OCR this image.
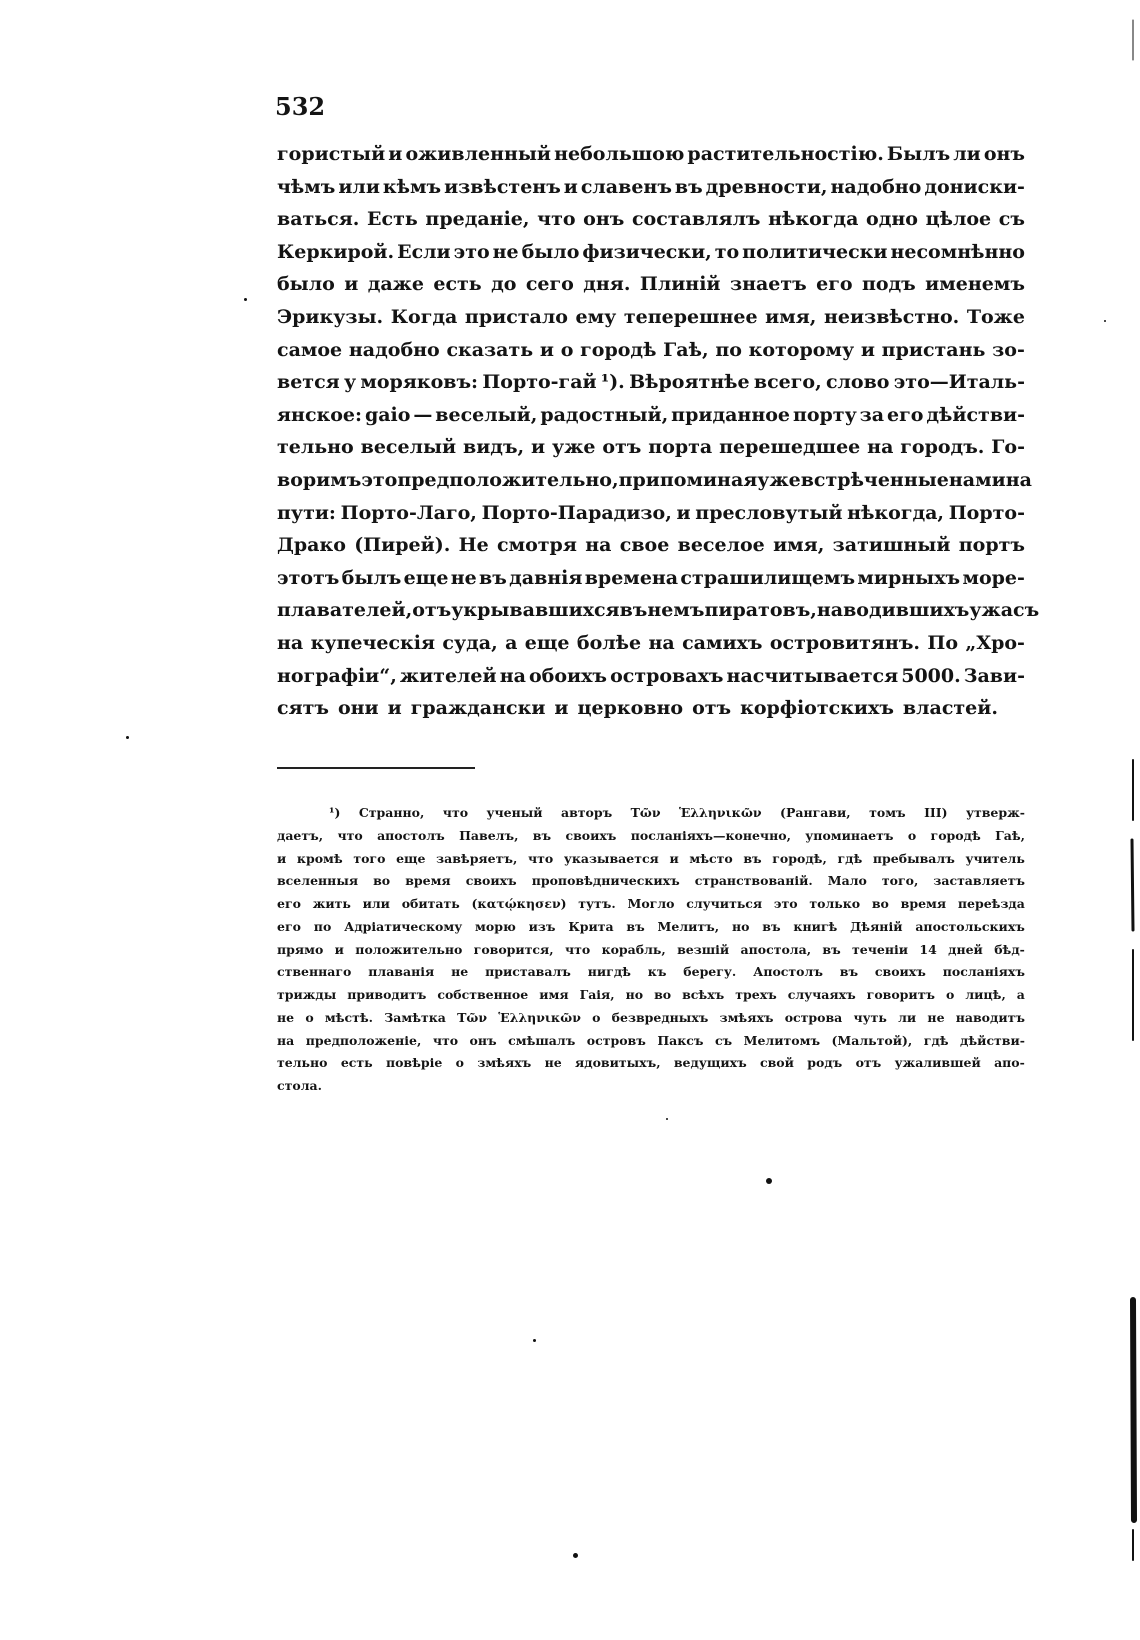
532
гористый и оживленный небольшою растительностію. Былъ ли онъ
чѣмъ или кѣмъ извѣстенъ и славенъ въ древности, надобно дониски-
ваться. Есть преданіе, что онъ составлялъ нѣкогда одно цѣлое съ
Керкирой. Если это не было физически, то политически несомнѣнно
было и даже есть до сего дня. Плиній знаетъ его подъ именемъ
Эрикузы. Когда пристало ему теперешнее имя, неизвѣстно. Тоже
самое надобно сказать и о городѣ Гаѣ, по которому и пристань зо-
вется у моряковъ: Порто-гай ¹). Вѣроятнѣе всего, слово это—Италь-
янское: gaio — веселый, радостный, приданное порту за его дѣйстви-
тельно веселый видъ, и уже отъ порта перешедшее на городъ. Го-
воримъ это предположительно, припоминая уже встрѣченные нами на
пути: Порто-Лаго, Порто-Парадизо, и пресловутый нѣкогда, Порто-
Драко (Пирей). Не смотря на свое веселое имя, затишный портъ
этотъ былъ еще не въ давнія времена страшилищемъ мирныхъ море-
плавателей, отъ укрывавшихся въ немъ пиратовъ, наводившихъ ужасъ
на купеческія суда, а еще болѣе на самихъ островитянъ. По „Хро-
нографіи“, жителей на обоихъ островахъ насчитывается 5000. Зави-
сятъ они и граждански и церковно отъ корфіотскихъ властей.
¹) Странно, что ученый авторъ Τῶν Ἑλληνικῶν (Рангави, томъ III) утверж-
даетъ, что апостолъ Павелъ, въ своихъ посланіяхъ—конечно, упоминаетъ о городѣ Гаѣ,
и кромѣ того еще завѣряетъ, что указывается и мѣсто въ городѣ, гдѣ пребывалъ учитель
вселенныя во время своихъ проповѣдническихъ странствованій. Мало того, заставляетъ
его жить или обитать (κατῴκησεν) тутъ. Могло случиться это только во время переѣзда
его по Адріатическому морю изъ Крита въ Мелитъ, но въ книгѣ Дѣяній апостольскихъ
прямо и положительно говорится, что корабль, везшій апостола, въ теченіи 14 дней бѣд-
ственнаго плаванія не приставалъ нигдѣ къ берегу. Апостолъ въ своихъ посланіяхъ
трижды приводитъ собственное имя Гаія, но во всѣхъ трехъ случаяхъ говоритъ о лицѣ, а
не о мѣстѣ. Замѣтка Τῶν Ἑλληνικῶν о безвредныхъ змѣяхъ острова чуть ли не наводитъ
на предположеніе, что онъ смѣшалъ островъ Паксъ съ Мелитомъ (Мальтой), гдѣ дѣйстви-
тельно есть повѣріе о змѣяхъ не ядовитыхъ, ведущихъ свой родъ отъ ужалившей апо-
стола.
